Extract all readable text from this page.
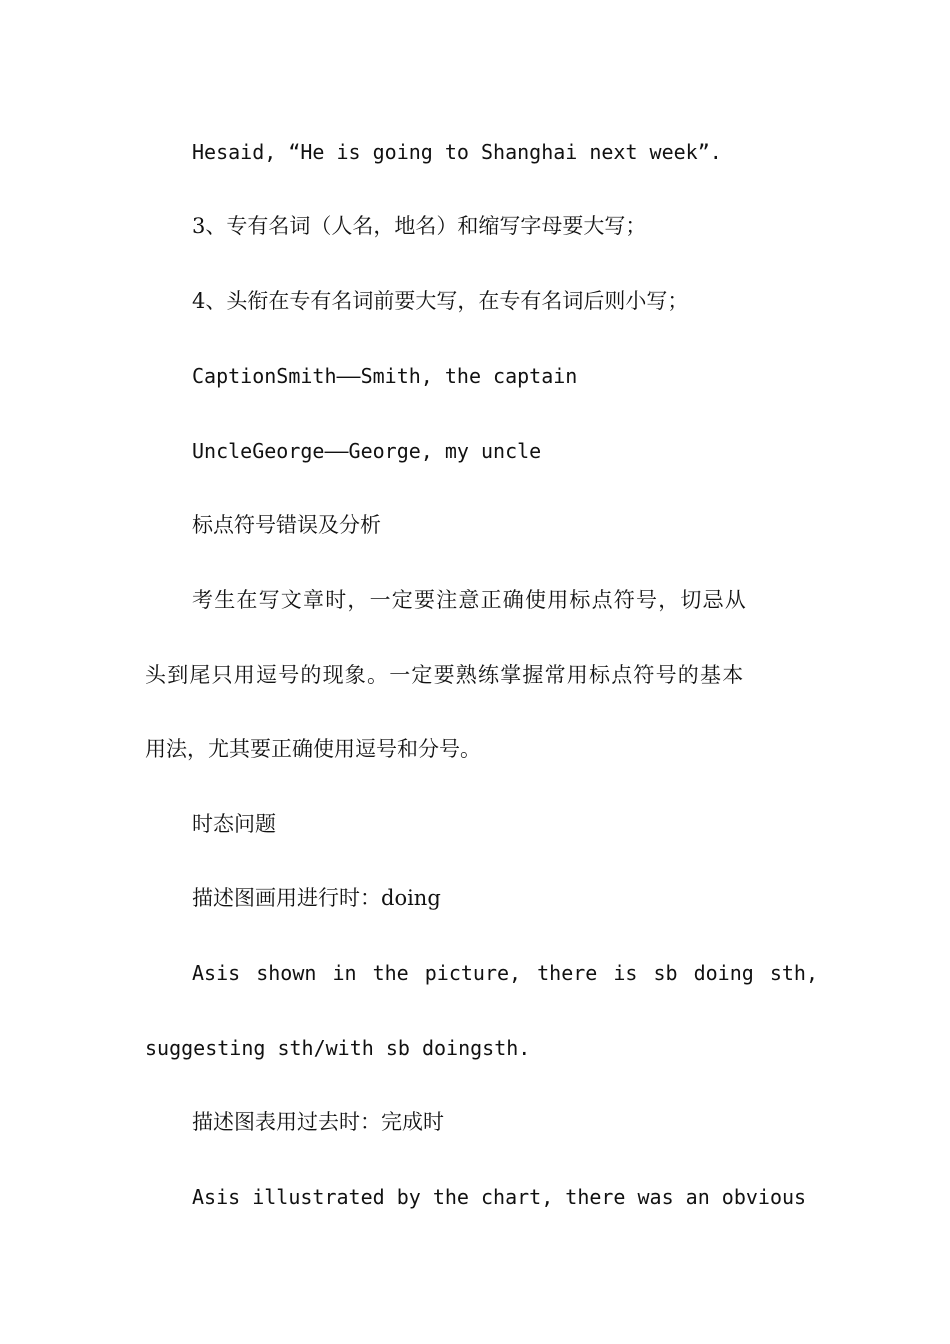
Hesaid, “He is going to Shanghai next week”.
3、专有名词（人名，地名）和缩写字母要大写；
4、头衔在专有名词前要大写，在专有名词后则小写；
CaptionSmith——Smith, the captain
UncleGeorge——George, my uncle
标点符号错误及分析
考生在写文章时，一定要注意正确使用标点符号，切忌从
头到尾只用逗号的现象。一定要熟练掌握常用标点符号的基本
用法，尤其要正确使用逗号和分号。
时态问题
描述图画用进行时：doing
Asis shown in the picture, there is sb doing sth,
suggesting sth/with sb doingsth.
描述图表用过去时：完成时
Asis illustrated by the chart, there was an obvious
